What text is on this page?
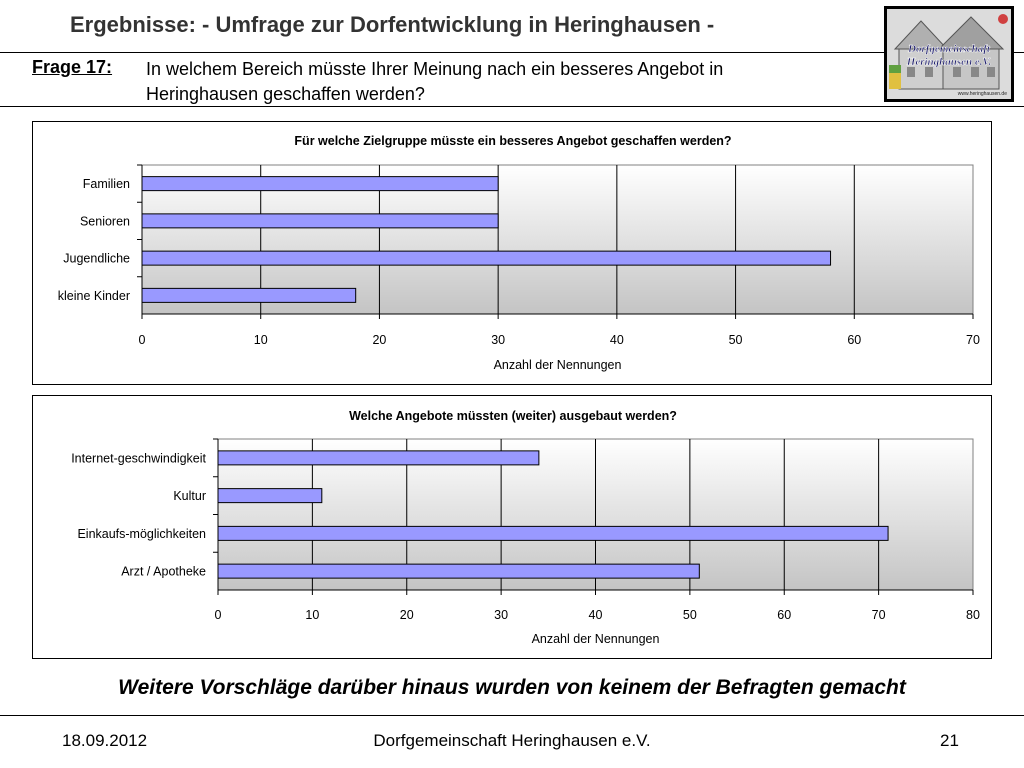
Ergebnisse: - Umfrage zur Dorfentwicklung in Heringhausen -
Dorfgemeinschaft
Heringhausen e.V.
www.heringhausen.de
Frage 17: In welchem Bereich müsste Ihrer Meinung nach ein besseres Angebot in Heringhausen geschaffen werden?
Für welche Zielgruppe müsste ein besseres Angebot geschaffen werden?
0	10	20	30	40	50	60	70
Familien
Senioren
Jugendliche
kleine Kinder
Anzahl der Nennungen
Welche Angebote müssten (weiter) ausgebaut werden?
0	10	20	30	40	50	60	70	80
Internet-geschwindigkeit
Kultur
Einkaufs-möglichkeiten
Arzt / Apotheke
Anzahl der Nennungen
Weitere Vorschläge darüber hinaus wurden von keinem der Befragten gemacht
18.09.2012	Dorfgemeinschaft Heringhausen e.V.	21
